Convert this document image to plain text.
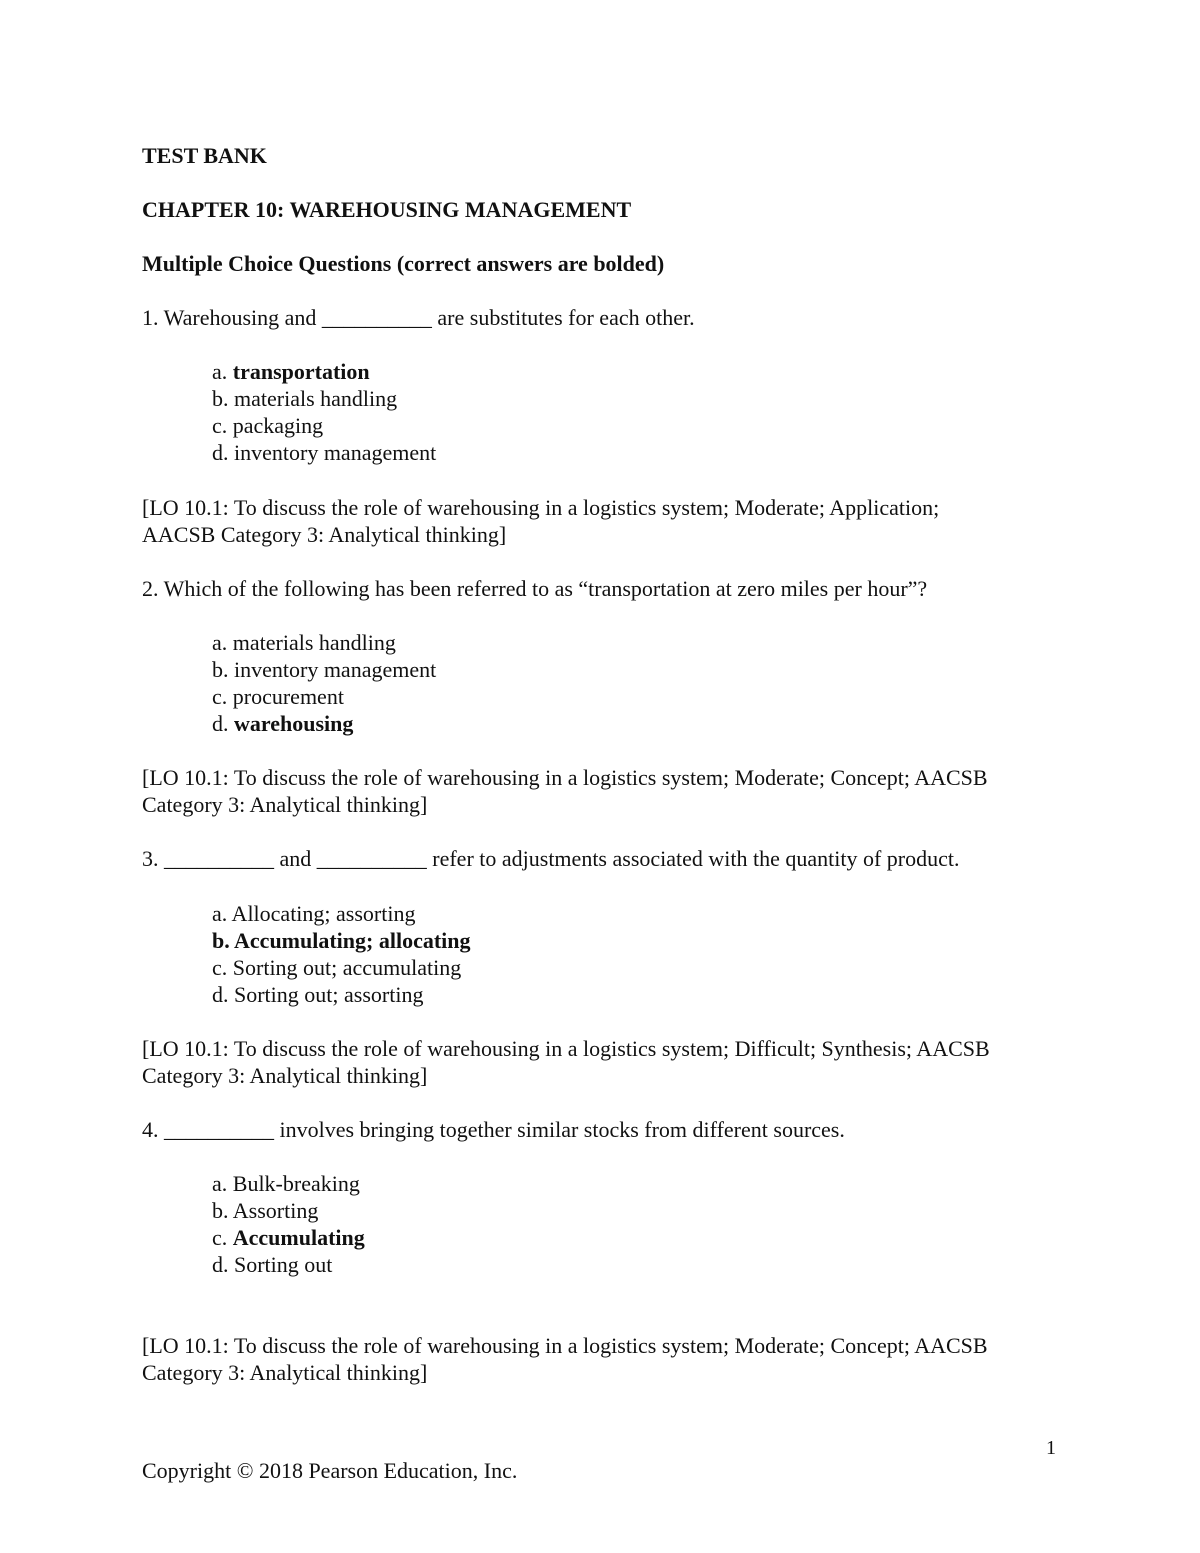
TEST BANK
CHAPTER 10: WAREHOUSING MANAGEMENT
Multiple Choice Questions (correct answers are bolded)
1. Warehousing and __________ are substitutes for each other.
a. transportation
b. materials handling
c. packaging
d. inventory management
[LO 10.1: To discuss the role of warehousing in a logistics system; Moderate; Application;
AACSB Category 3: Analytical thinking]
2. Which of the following has been referred to as “transportation at zero miles per hour”?
a. materials handling
b. inventory management
c. procurement
d. warehousing
[LO 10.1: To discuss the role of warehousing in a logistics system; Moderate; Concept; AACSB
Category 3: Analytical thinking]
3. __________ and __________ refer to adjustments associated with the quantity of product.
a. Allocating; assorting
b. Accumulating; allocating
c. Sorting out; accumulating
d. Sorting out; assorting
[LO 10.1: To discuss the role of warehousing in a logistics system; Difficult; Synthesis; AACSB
Category 3: Analytical thinking]
4. __________ involves bringing together similar stocks from different sources.
a. Bulk-breaking
b. Assorting
c. Accumulating
d. Sorting out
[LO 10.1: To discuss the role of warehousing in a logistics system; Moderate; Concept; AACSB
Category 3: Analytical thinking]
1
Copyright © 2018 Pearson Education, Inc.
